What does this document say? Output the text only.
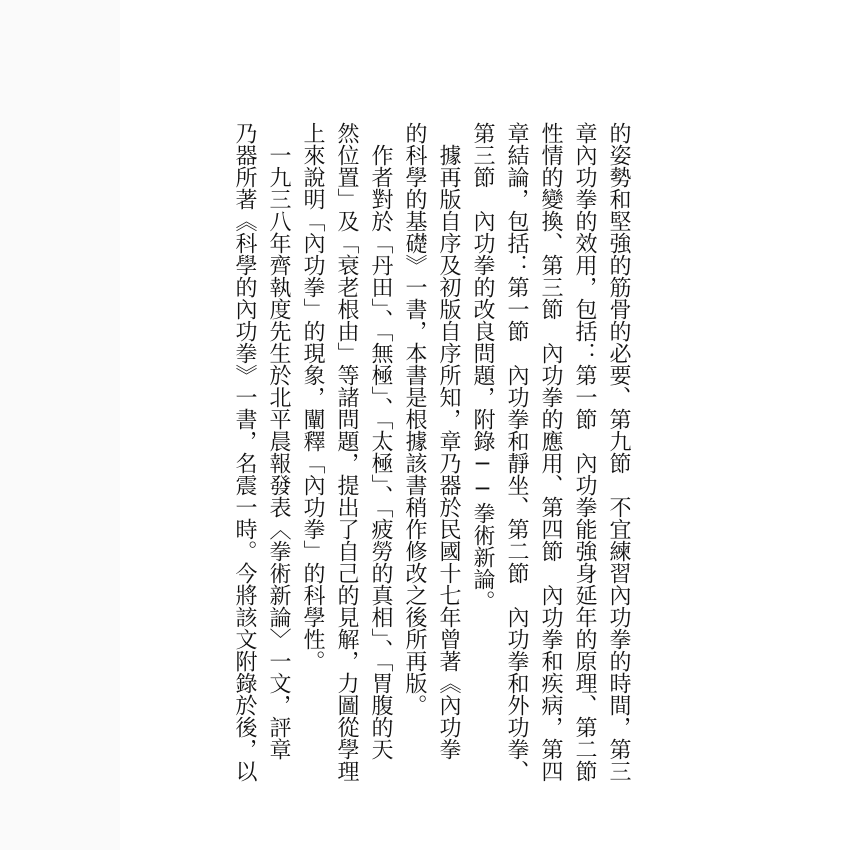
的姿勢和堅強的筋骨的必要、第九節　不宜練習內功拳的時間，第三
章內功拳的效用，包括：第一節　內功拳能強身延年的原理、第二節
性情的變換、第三節　內功拳的應用、第四節　內功拳和疾病，第四
章結論，包括：第一節　內功拳和靜坐、第二節　內功拳和外功拳、
第三節　內功拳的改良問題，附錄──拳術新論。
　據再版自序及初版自序所知，章乃器於民國十七年曾著《內功拳
的科學的基礎》一書，本書是根據該書稍作修改之後所再版。
　作者對於「丹田」、「無極」、「太極」、「疲勞的真相」、「胃腹的天
然位置」及「衰老根由」等諸問題，提出了自己的見解，力圖從學理
上來說明「內功拳」的現象，闡釋「內功拳」的科學性。
　一九三八年齊執度先生於北平晨報發表〈拳術新論〉一文，評章
乃器所著《科學的內功拳》一書，名震一時。今將該文附錄於後，以
